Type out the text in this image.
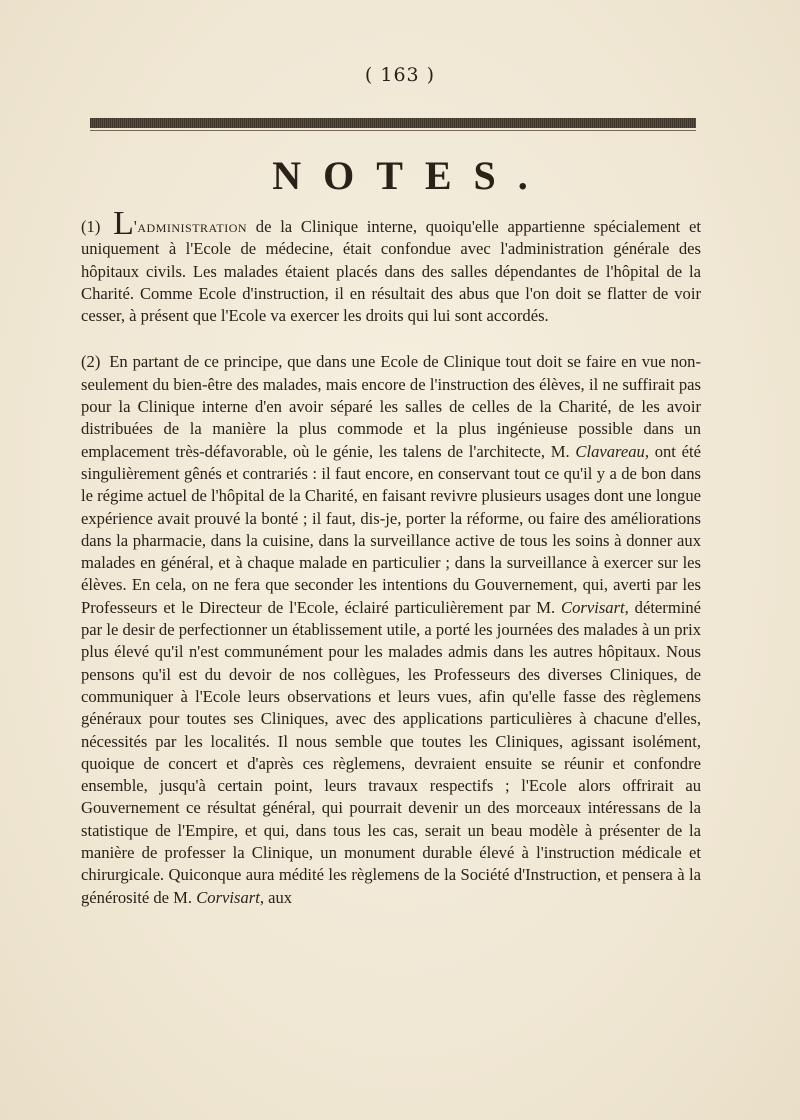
( 163 )
NOTES.

(1) L'administration de la Clinique interne, quoiqu'elle appartienne spécialement et uniquement à l'Ecole de médecine, était confondue avec l'administration générale des hôpitaux civils. Les malades étaient placés dans des salles dépendantes de l'hôpital de la Charité. Comme Ecole d'instruction, il en résultait des abus que l'on doit se flatter de voir cesser, à présent que l'Ecole va exercer les droits qui lui sont accordés.

(2) En partant de ce principe, que dans une Ecole de Clinique tout doit se faire en vue non-seulement du bien-être des malades, mais encore de l'instruction des élèves, il ne suffirait pas pour la Clinique interne d'en avoir séparé les salles de celles de la Charité, de les avoir distribuées de la manière la plus commode et la plus ingénieuse possible dans un emplacement très-défavorable, où le génie, les talens de l'architecte, M. Clavareau, ont été singulièrement gênés et contrariés : il faut encore, en conservant tout ce qu'il y a de bon dans le régime actuel de l'hôpital de la Charité, en faisant revivre plusieurs usages dont une longue expérience avait prouvé la bonté ; il faut, dis-je, porter la réforme, ou faire des améliorations dans la pharmacie, dans la cuisine, dans la surveillance active de tous les soins à donner aux malades en général, et à chaque malade en particulier ; dans la surveillance à exercer sur les élèves. En cela, on ne fera que seconder les intentions du Gouvernement, qui, averti par les Professeurs et le Directeur de l'Ecole, éclairé particulièrement par M. Corvisart, déterminé par le desir de perfectionner un établissement utile, a porté les journées des malades à un prix plus élevé qu'il n'est communément pour les malades admis dans les autres hôpitaux. Nous pensons qu'il est du devoir de nos collègues, les Professeurs des diverses Cliniques, de communiquer à l'Ecole leurs observations et leurs vues, afin qu'elle fasse des règlemens généraux pour toutes ses Cliniques, avec des applications particulières à chacune d'elles, nécessités par les localités. Il nous semble que toutes les Cliniques, agissant isolément, quoique de concert et d'après ces règlemens, devraient ensuite se réunir et confondre ensemble, jusqu'à certain point, leurs travaux respectifs ; l'Ecole alors offrirait au Gouvernement ce résultat général, qui pourrait devenir un des morceaux intéressans de la statistique de l'Empire, et qui, dans tous les cas, serait un beau modèle à présenter de la manière de professer la Clinique, un monument durable élevé à l'instruction médicale et chirurgicale. Quiconque aura médité les règlemens de la Société d'Instruction, et pensera à la générosité de M. Corvisart, aux
